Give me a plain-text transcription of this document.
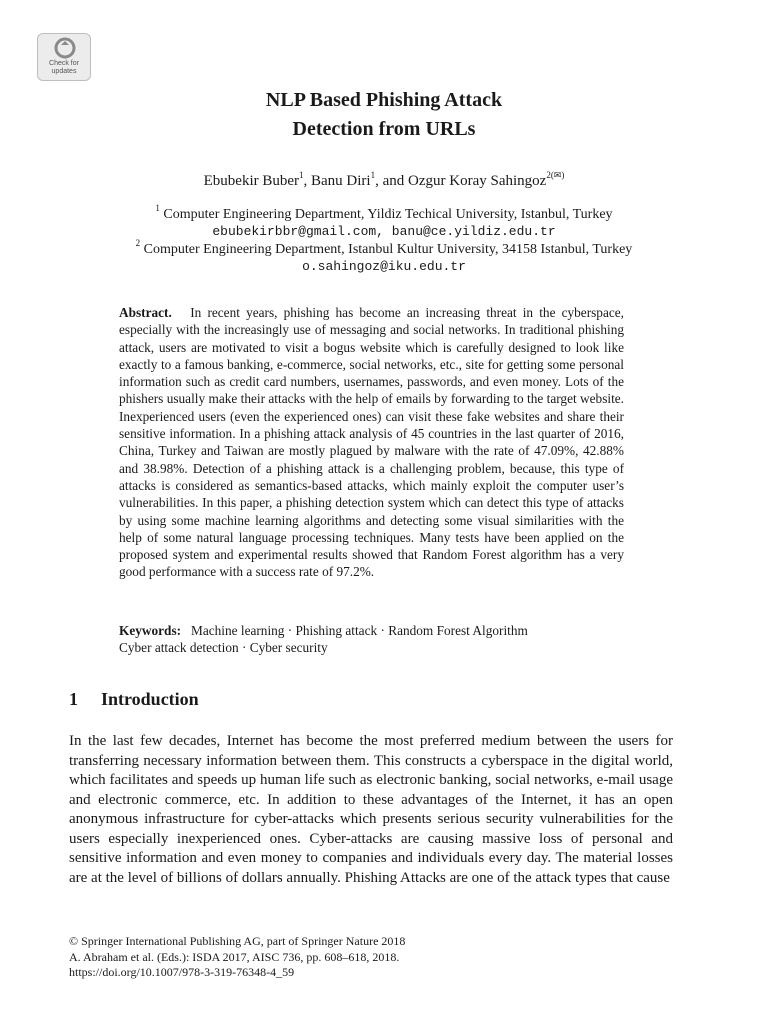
Check for
updates
NLP Based Phishing Attack
Detection from URLs
Ebubekir Buber$^1$, Banu Diri$^1$, and Ozgur Koray Sahingoz$^{2(✉)}$
$^1$ Computer Engineering Department, Yildiz Techical University, Istanbul, Turkey
ebubekirbbr@gmail.com, banu@ce.yildiz.edu.tr
$^2$ Computer Engineering Department, Istanbul Kultur University, 34158 Istanbul, Turkey
o.sahingoz@iku.edu.tr

Abstract. In recent years, phishing has become an increasing threat in the cyberspace, especially with the increasingly use of messaging and social networks. In traditional phishing attack, users are motivated to visit a bogus website which is carefully designed to look like exactly to a famous banking, e-commerce, social networks, etc., site for getting some personal information such as credit card numbers, usernames, passwords, and even money. Lots of the phishers usually make their attacks with the help of emails by forwarding to the target website. Inexperienced users (even the experienced ones) can visit these fake websites and share their sensitive information. In a phishing attack analysis of 45 countries in the last quarter of 2016, China, Turkey and Taiwan are mostly plagued by malware with the rate of 47.09%, 42.88% and 38.98%. Detection of a phishing attack is a challenging problem, because, this type of attacks is considered as semantics-based attacks, which mainly exploit the computer user’s vulnerabilities. In this paper, a phishing detection system which can detect this type of attacks by using some machine learning algorithms and detecting some visual similarities with the help of some natural language processing techniques. Many tests have been applied on the proposed system and experimental results showed that Random Forest algorithm has a very good performance with a success rate of 97.2%.

Keywords: Machine learning · Phishing attack · Random Forest Algorithm
Cyber attack detection · Cyber security
1 Introduction

In the last few decades, Internet has become the most preferred medium between the users for transferring necessary information between them. This constructs a cyberspace in the digital world, which facilitates and speeds up human life such as electronic banking, social networks, e-mail usage and electronic commerce, etc. In addition to these advantages of the Internet, it has an open anonymous infrastructure for cyber-attacks which presents serious security vulnerabilities for the users especially inexperienced ones. Cyber-attacks are causing massive loss of personal and sensitive information and even money to companies and individuals every day. The material losses are at the level of billions of dollars annually. Phishing Attacks are one of the attack types that cause

© Springer International Publishing AG, part of Springer Nature 2018
A. Abraham et al. (Eds.): ISDA 2017, AISC 736, pp. 608–618, 2018.
https://doi.org/10.1007/978-3-319-76348-4_59
